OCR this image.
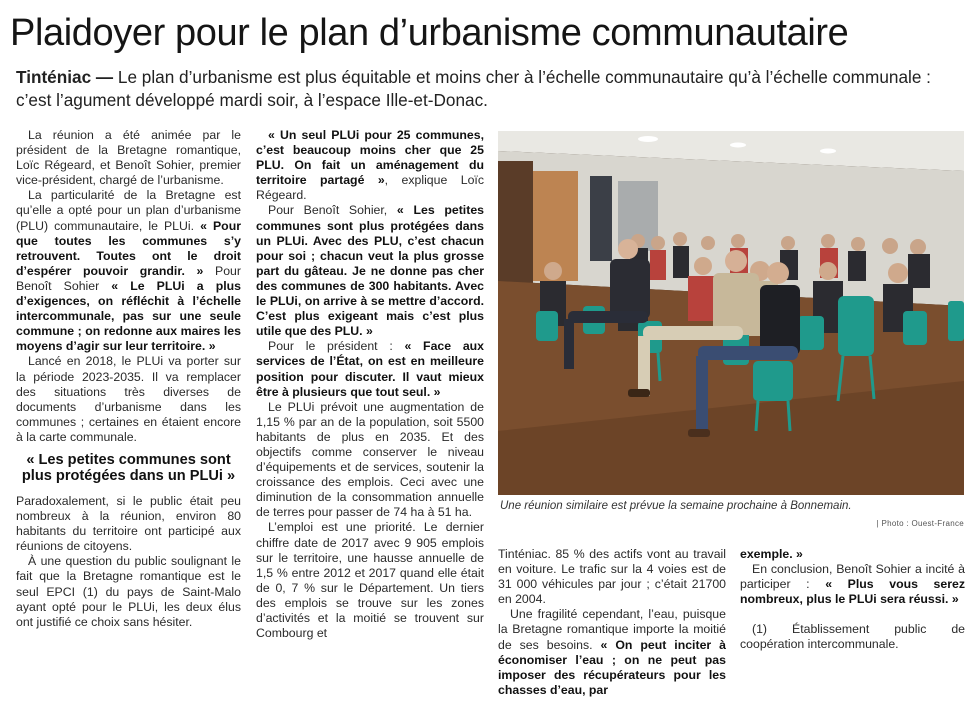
Plaidoyer pour le plan d’urbanisme communautaire
Tinténiac — Le plan d’urbanisme est plus équitable et moins cher à l’échelle communautaire qu’à l’échelle communale : c’est l’agument développé mardi soir, à l’espace Ille-et-Donac.

La réunion a été animée par le président de la Bretagne romantique, Loïc Régeard, et Benoît Sohier, premier vice-président, chargé de l’urbanisme.

La particularité de la Bretagne est qu’elle a opté pour un plan d’urbanisme (PLU) communautaire, le PLUi. « Pour que toutes les communes s’y retrouvent. Toutes ont le droit d’espérer pouvoir grandir. » Pour Benoît Sohier « Le PLUi a plus d’exigences, on réfléchit à l’échelle intercommunale, pas sur une seule commune ; on redonne aux maires les moyens d’agir sur leur territoire. »

Lancé en 2018, le PLUi va porter sur la période 2023-2035. Il va remplacer des situations très diverses de documents d’urbanisme dans les communes ; certaines en étaient encore à la carte communale.

« Les petites communes sont plus protégées dans un PLUi »

Paradoxalement, si le public était peu nombreux à la réunion, environ 80 habitants du territoire ont participé aux réunions de citoyens.

À une question du public soulignant le fait que la Bretagne romantique est le seul EPCI (1) du pays de Saint-Malo ayant opté pour le PLUi, les deux élus ont justifié ce choix sans hésiter.

« Un seul PLUi pour 25 communes, c’est beaucoup moins cher que 25 PLU. On fait un aménagement du territoire partagé », explique Loïc Régeard.

Pour Benoît Sohier, « Les petites communes sont plus protégées dans un PLUi. Avec des PLU, c’est chacun pour soi ; chacun veut la plus grosse part du gâteau. Je ne donne pas cher des communes de 300 habitants. Avec le PLUi, on arrive à se mettre d’accord. C’est plus exigeant mais c’est plus utile que des PLU. »

Pour le président : « Face aux services de l’État, on est en meilleure position pour discuter. Il vaut mieux être à plusieurs que tout seul. »

Le PLUi prévoit une augmentation de 1,15 % par an de la population, soit 5500 habitants de plus en 2035. Et des objectifs comme conserver le niveau d’équipements et de services, soutenir la croissance des emplois. Ceci avec une diminution de la consommation annuelle de terres pour passer de 74 ha à 51 ha.

L’emploi est une priorité. Le dernier chiffre date de 2017 avec 9 905 emplois sur le territoire, une hausse annuelle de 1,5 % entre 2012 et 2017 quand elle était de 0, 7 % sur le Département. Un tiers des emplois se trouve sur les zones d’activités et la moitié se trouvent sur Combourg et

Une réunion similaire est prévue la semaine prochaine à Bonnemain.
| Photo : Ouest-France

Tinténiac. 85 % des actifs vont au travail en voiture. Le trafic sur la 4 voies est de 31 000 véhicules par jour ; c’était 21700 en 2004.

Une fragilité cependant, l’eau, puisque la Bretagne romantique importe la moitié de ses besoins. « On peut inciter à économiser l’eau ; on ne peut pas imposer des récupérateurs pour les chasses d’eau, par

exemple. »

En conclusion, Benoît Sohier a incité à participer : « Plus vous serez nombreux, plus le PLUi sera réussi. »

(1) Établissement public de coopération intercommunale.
